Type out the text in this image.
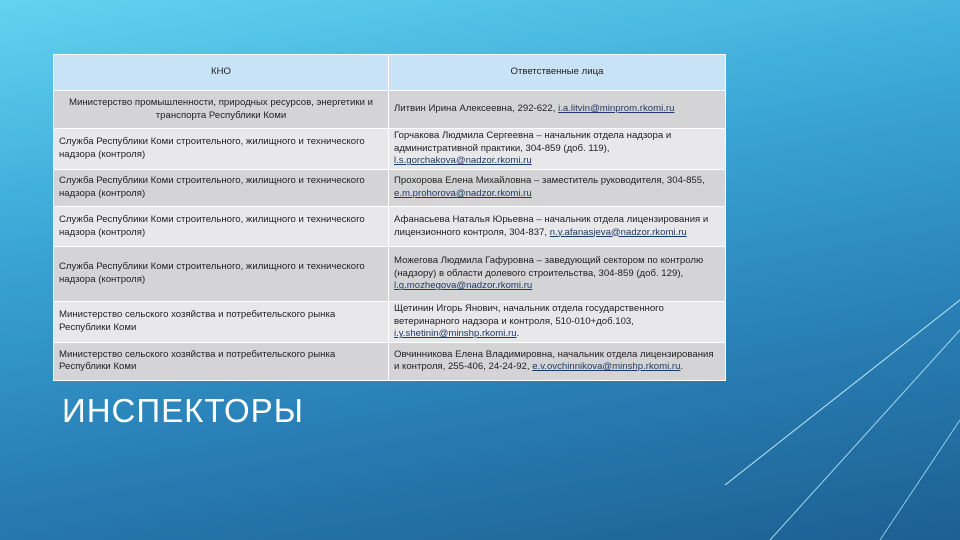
КНО	Ответственные лица
Министерство промышленности, природных ресурсов, энергетики и транспорта Республики Коми	Литвин Ирина Алексеевна, 292-622, i.a.litvin@minprom.rkomi.ru
Служба Республики Коми строительного, жилищного и технического надзора (контроля)	Горчакова Людмила Сергеевна – начальник отдела надзора и административной практики, 304-859 (доб. 119), l.s.gorchakova@nadzor.rkomi.ru
Служба Республики Коми строительного, жилищного и технического надзора (контроля)	Прохорова Елена Михайловна – заместитель руководителя, 304-855, e.m.prohorova@nadzor.rkomi.ru
Служба Республики Коми строительного, жилищного и технического надзора (контроля)	Афанасьева Наталья Юрьевна – начальник отдела лицензирования и лицензионного контроля, 304-837, n.y.afanasjeva@nadzor.rkomi.ru
Служба Республики Коми строительного, жилищного и технического надзора (контроля)	Можегова Людмила Гафуровна – заведующий сектором по контролю (надзору) в области долевого строительства, 304-859 (доб. 129), l.g.mozhegova@nadzor.rkomi.ru
Министерство сельского хозяйства и потребительского рынка Республики Коми	Щетинин Игорь Янович, начальник отдела государственного ветеринарного надзора и контроля, 510-010+доб.103, i.y.shetinin@minshp.rkomi.ru.
Министерство сельского хозяйства и потребительского рынка Республики Коми	Овчинникова Елена Владимировна, начальник отдела лицензирования и контроля, 255-406, 24-24-92, e.v.ovchinnikova@minshp.rkomi.ru.
ИНСПЕКТОРЫ
